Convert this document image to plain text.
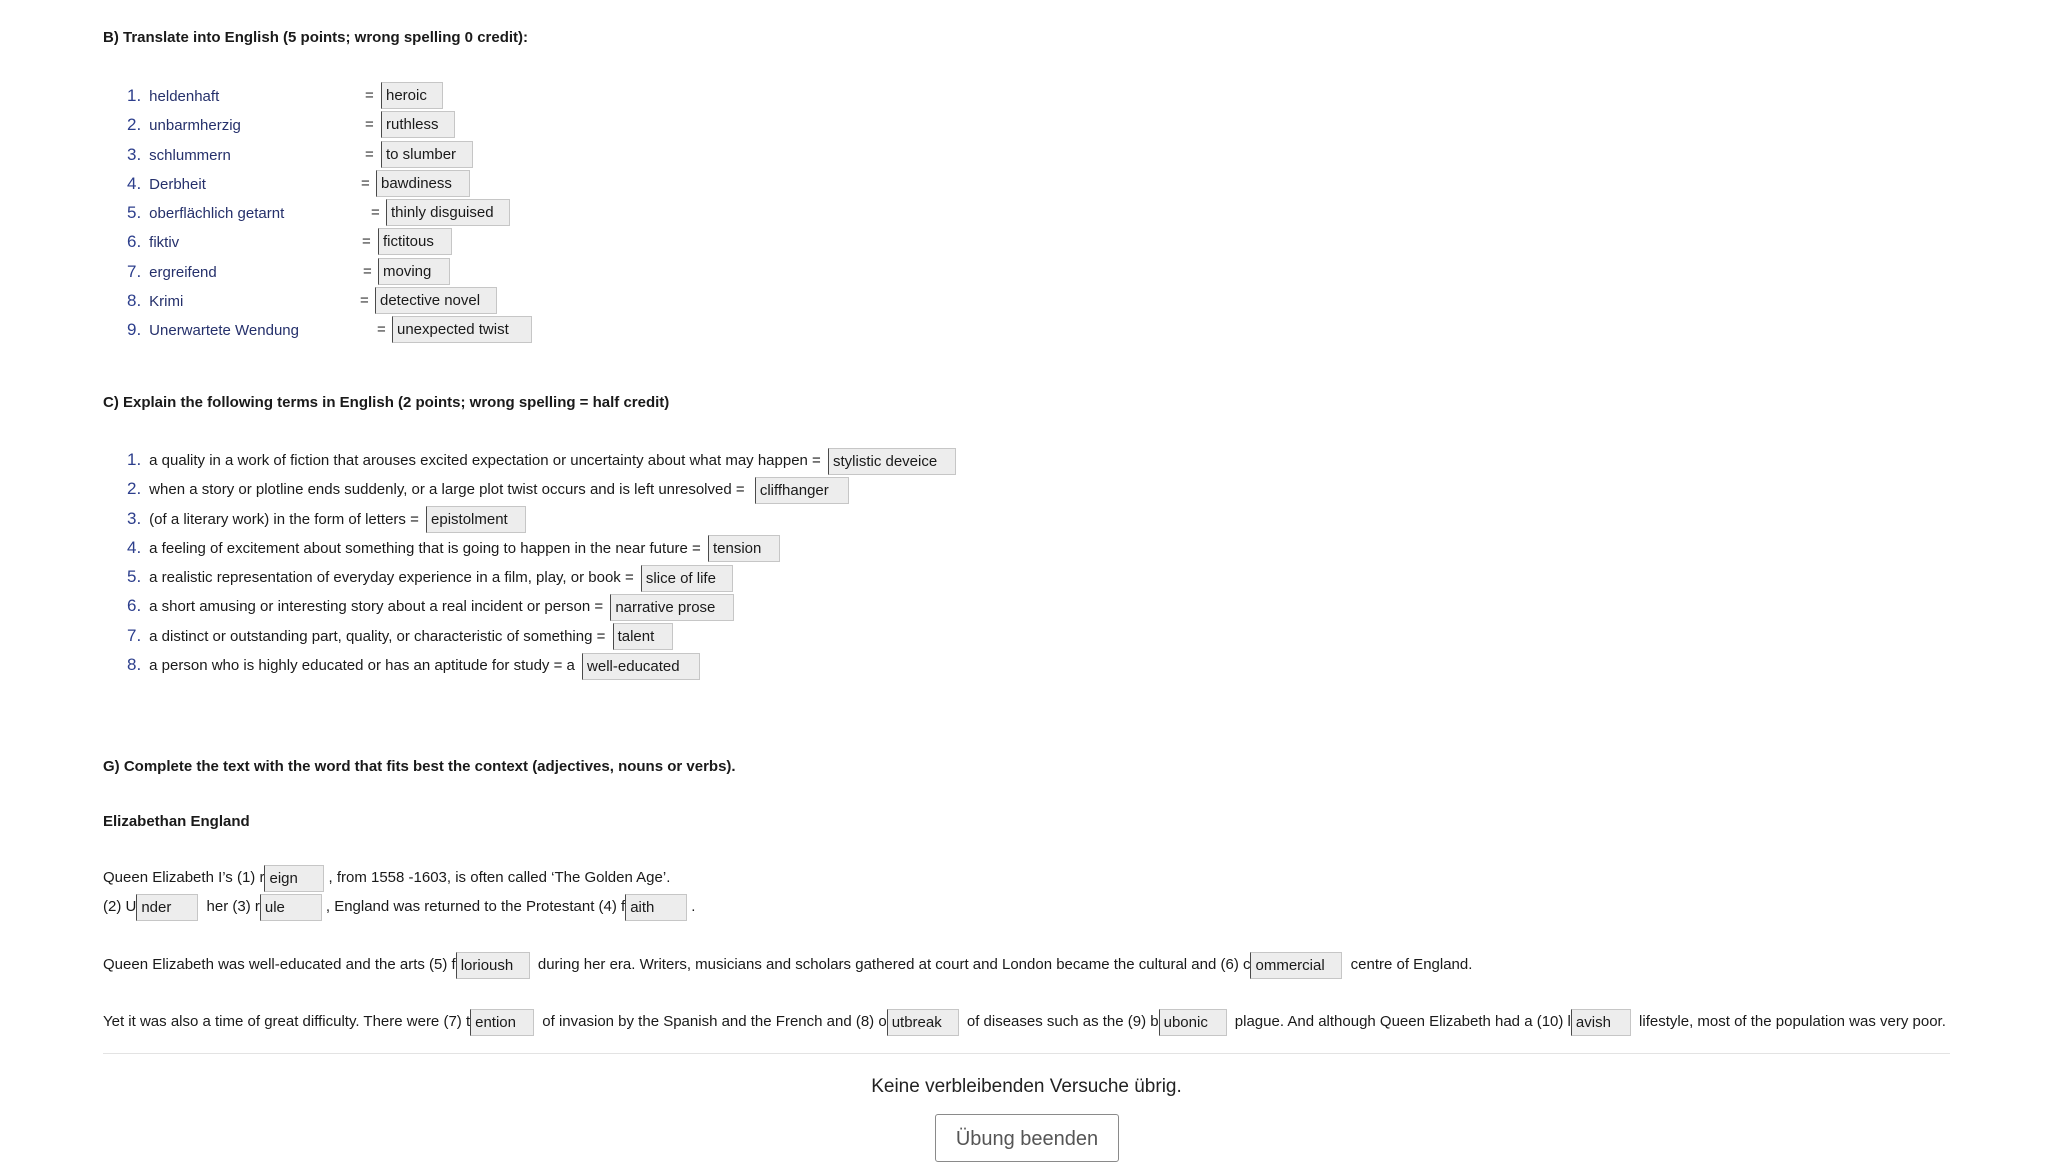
B) Translate into English (5 points; wrong spelling 0 credit):
1. heldenhaft	= heroic
2. unbarmherzig	= ruthless
3. schlummern	= to slumber
4. Derbheit	= bawdiness
5. oberflächlich getarnt	= thinly disguised
6. fiktiv	= fictitous
7. ergreifend	= moving
8. Krimi	= detective novel
9. Unerwartete Wendung	= unexpected twist
C) Explain the following terms in English (2 points; wrong spelling = half credit)
1. a quality in a work of fiction that arouses excited expectation or uncertainty about what may happen = stylistic deveice
2. when a story or plotline ends suddenly, or a large plot twist occurs and is left unresolved = cliffhanger
3. (of a literary work) in the form of letters = epistolment
4. a feeling of excitement about something that is going to happen in the near future = tension
5. a realistic representation of everyday experience in a film, play, or book = slice of life
6. a short amusing or interesting story about a real incident or person = narrative prose
7. a distinct or outstanding part, quality, or characteristic of something = talent
8. a person who is highly educated or has an aptitude for study = a well-educated
G) Complete the text with the word that fits best the context (adjectives, nouns or verbs).
Elizabethan England
Queen Elizabeth I’s (1) r eign , from 1558 -1603, is often called ‘The Golden Age’.
(2) U nder her (3) r ule	, England was returned to the Protestant (4) f aith .
Queen Elizabeth was well-educated and the arts (5) f lorioush during her era. Writers, musicians and scholars gathered at court and London became the cultural and (6) c ommercial centre of England.
Yet it was also a time of great difficulty. There were (7) t ention of invasion by the Spanish and the French and (8) o utbreak of diseases such as the (9) b ubonic plague. And although Queen Elizabeth had a (10) l avish lifestyle, most of the population was very poor.
Keine verbleibenden Versuche übrig.
Übung beenden
